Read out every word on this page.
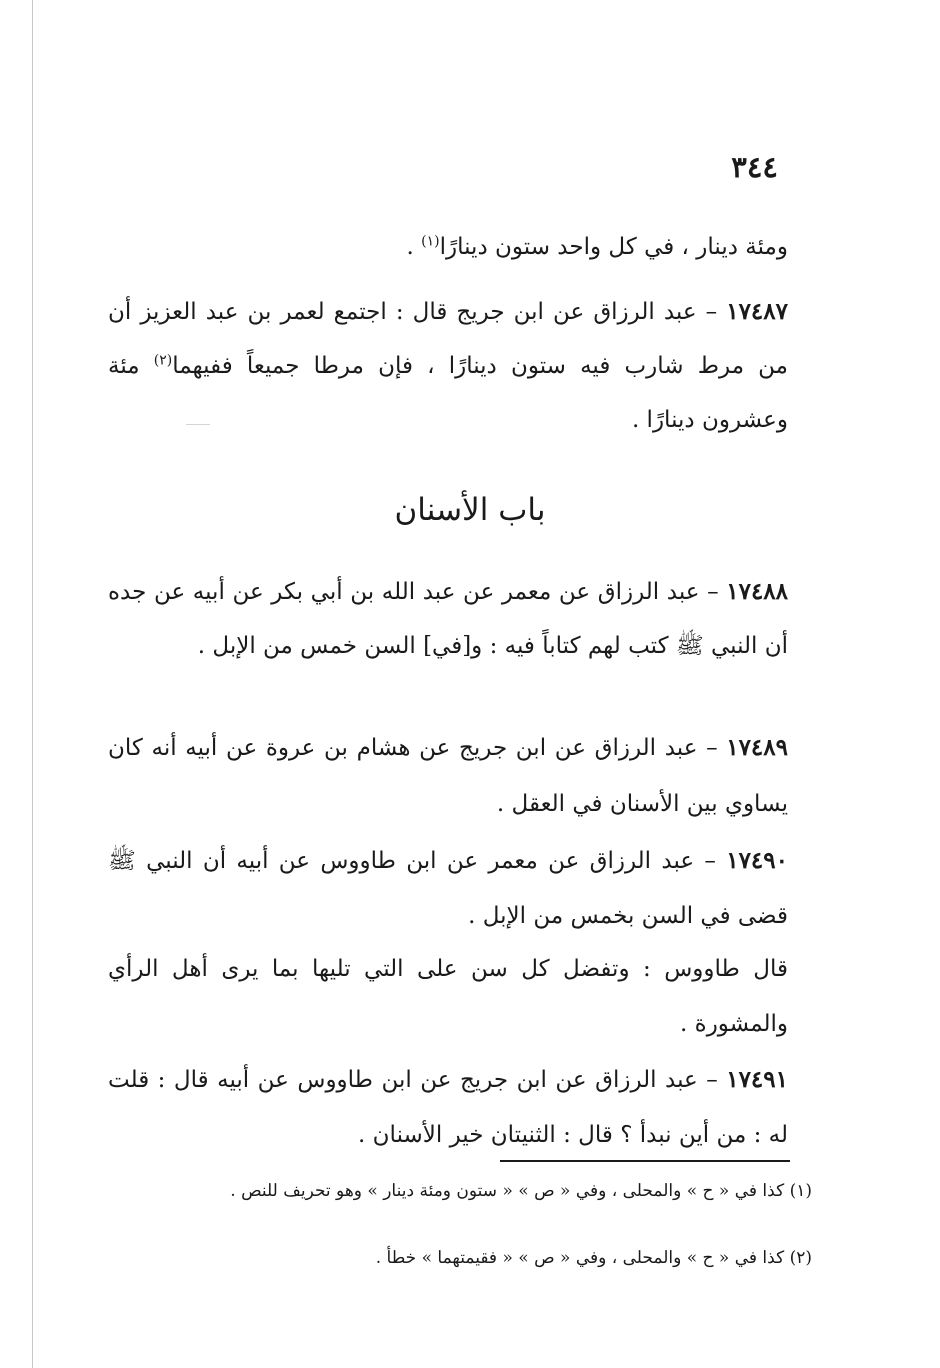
٣٤٤

ومئة دينار ، في كل واحد ستون دينارًا$^{(١)}$ .

١٧٤٨٧ – عبد الرزاق عن ابن جريج قال : اجتمع لعمر بن عبد العزيز أن من مرط شارب فيه ستون دينارًا ، فإن مرطا جميعاً ففيهما$^{(٢)}$ مئة وعشرون دينارًا .

باب الأسنان

١٧٤٨٨ – عبد الرزاق عن معمر عن عبد الله بن أبي بكر عن أبيه عن جده أن النبي ﷺ كتب لهم كتاباً فيه : و[في] السن خمس من الإبل .

١٧٤٨٩ – عبد الرزاق عن ابن جريج عن هشام بن عروة عن أبيه أنه كان يساوي بين الأسنان في العقل .

١٧٤٩٠ – عبد الرزاق عن معمر عن ابن طاووس عن أبيه أن النبي ﷺ قضى في السن بخمس من الإبل .

قال طاووس : وتفضل كل سن على التي تليها بما يرى أهل الرأي والمشورة .

١٧٤٩١ – عبد الرزاق عن ابن جريج عن ابن طاووس عن أبيه قال : قلت له : من أين نبدأ ؟ قال : الثنيتان خير الأسنان .

(١) كذا في « ح » والمحلى ، وفي « ص » « ستون ومئة دينار » وهو تحريف للنص .

(٢) كذا في « ح » والمحلى ، وفي « ص » « فقيمتهما » خطأ .
